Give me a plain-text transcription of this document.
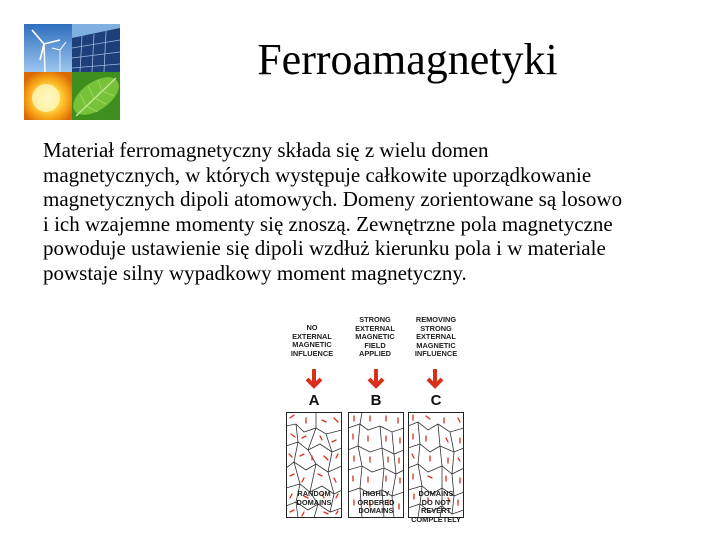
Ferroamagnetyki
Materiał ferromagnetyczny składa się z wielu domen
magnetycznych, w których występuje całkowite uporządkowanie
magnetycznych dipoli atomowych. Domeny zorientowane są losowo
i ich wzajemne momenty się znoszą. Zewnętrzne pola magnetyczne
powoduje ustawienie się dipoli wzdłuż kierunku pola i w materiale
powstaje silny wypadkowy moment magnetyczny.
NO
EXTERNAL
MAGNETIC
INFLUENCE
STRONG
EXTERNAL
MAGNETIC
FIELD
APPLIED
REMOVING
STRONG
EXTERNAL
MAGNETIC
INFLUENCE
A	B	C
RANDOM
DOMAINS
HIGHLY
ORDERED
DOMAINS
DOMAINS
DO NOT
REVERT
COMPLETELY
